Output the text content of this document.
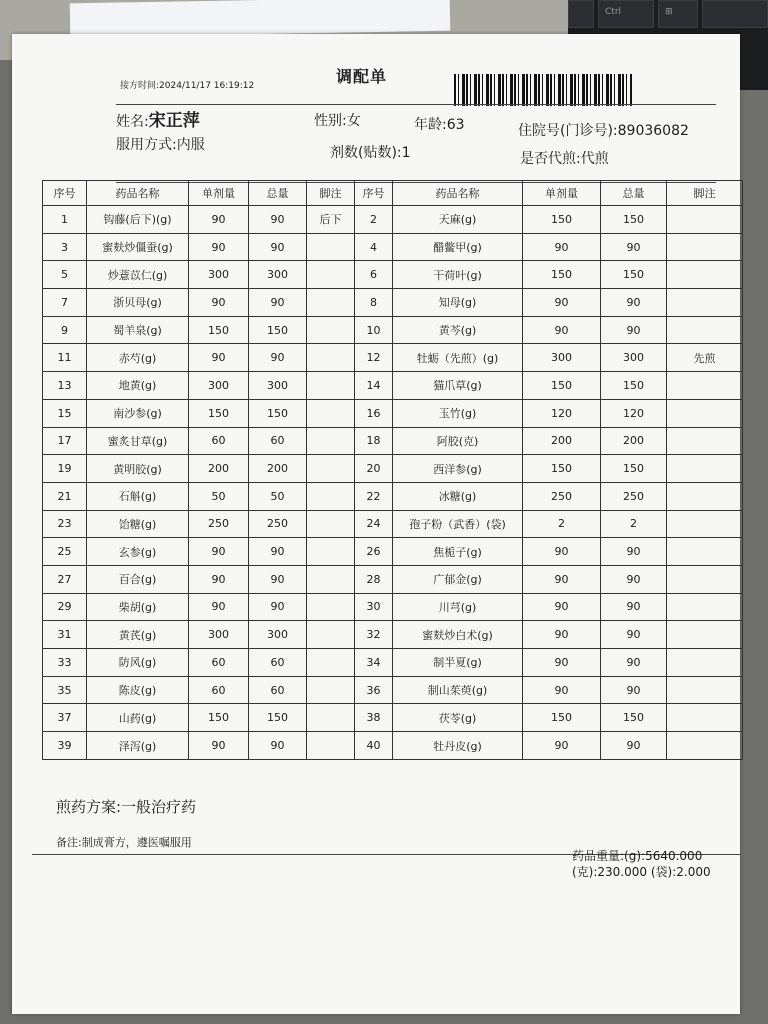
Ctrl	⊞
调配单
接方时间:2024/11/17 16:19:12
姓名:宋正萍	性别:女	年龄:63	住院号(门诊号):89036082
服用方式:内服	剂数(贴数):1	是否代煎:代煎
序号	药品名称	单剂量	总量	脚注	序号	药品名称	单剂量	总量	脚注
1	钩藤(后下)(g)	90	90	后下	2	天麻(g)	150	150	
3	蜜麸炒僵蚕(g)	90	90		4	醋鳖甲(g)	90	90	
5	炒薏苡仁(g)	300	300		6	干荷叶(g)	150	150	
7	浙贝母(g)	90	90		8	知母(g)	90	90	
9	蜀羊泉(g)	150	150		10	黄芩(g)	90	90	
11	赤芍(g)	90	90		12	牡蛎（先煎）(g)	300	300	先煎
13	地黄(g)	300	300		14	猫爪草(g)	150	150	
15	南沙参(g)	150	150		16	玉竹(g)	120	120	
17	蜜炙甘草(g)	60	60		18	阿胶(克)	200	200	
19	黄明胶(g)	200	200		20	西洋参(g)	150	150	
21	石斛(g)	50	50		22	冰糖(g)	250	250	
23	饴糖(g)	250	250		24	孢子粉（武香）(袋)	2	2	
25	玄参(g)	90	90		26	焦栀子(g)	90	90	
27	百合(g)	90	90		28	广郁金(g)	90	90	
29	柴胡(g)	90	90		30	川芎(g)	90	90	
31	黄芪(g)	300	300		32	蜜麸炒白术(g)	90	90	
33	防风(g)	60	60		34	制半夏(g)	90	90	
35	陈皮(g)	60	60		36	制山茱萸(g)	90	90	
37	山药(g)	150	150		38	茯苓(g)	150	150	
39	泽泻(g)	90	90		40	牡丹皮(g)	90	90	
煎药方案:一般治疗药
备注:制成膏方，遵医嘱服用
药品重量:(g):5640.000 (克):230.000 (袋):2.000
